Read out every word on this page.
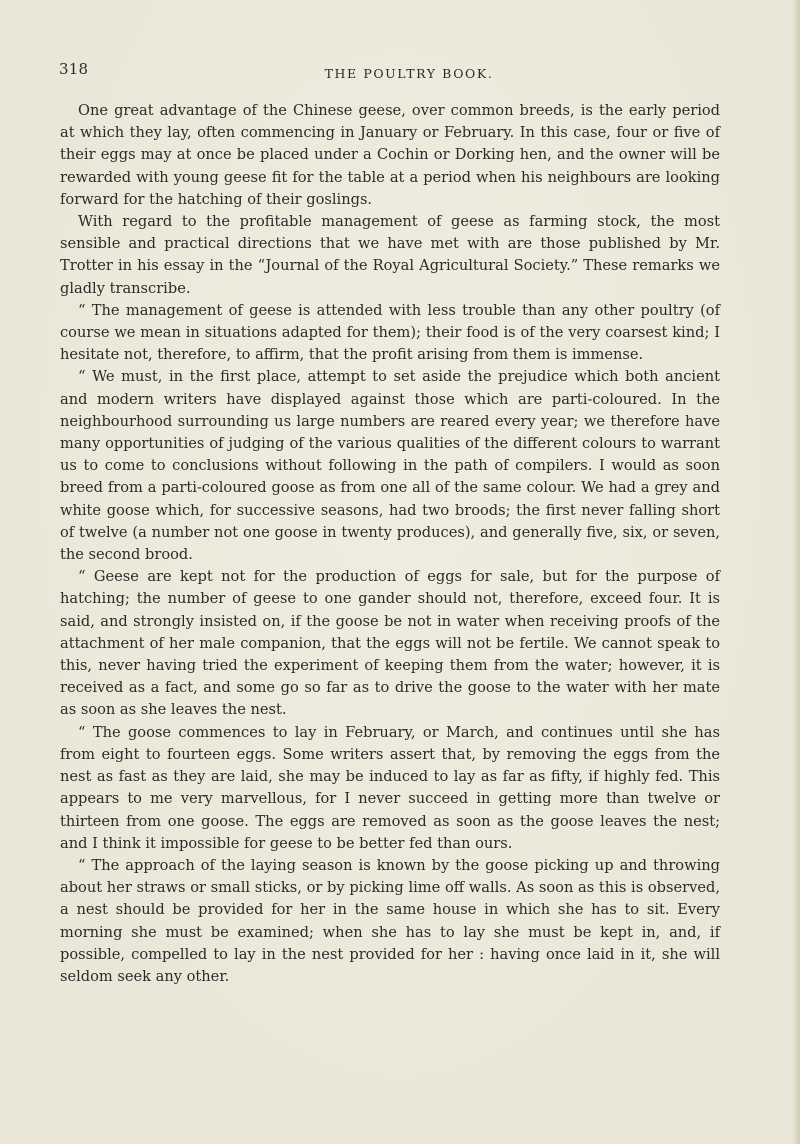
318	THE POULTRY BOOK.

One great advantage of the Chinese geese, over common breeds, is the early period at which they lay, often commencing in January or February. In this case, four or five of their eggs may at once be placed under a Cochin or Dorking hen, and the owner will be rewarded with young geese fit for the table at a period when his neighbours are looking forward for the hatching of their goslings.

With regard to the profitable management of geese as farming stock, the most sensible and practical directions that we have met with are those published by Mr. Trotter in his essay in the “Journal of the Royal Agricultural Society.” These remarks we gladly transcribe.

“ The management of geese is attended with less trouble than any other poultry (of course we mean in situations adapted for them); their food is of the very coarsest kind; I hesitate not, therefore, to affirm, that the profit arising from them is immense.

“ We must, in the first place, attempt to set aside the prejudice which both ancient and modern writers have displayed against those which are parti-coloured. In the neighbourhood surrounding us large numbers are reared every year; we therefore have many opportunities of judging of the various qualities of the different colours to warrant us to come to conclusions without following in the path of compilers. I would as soon breed from a parti-coloured goose as from one all of the same colour. We had a grey and white goose which, for successive seasons, had two broods; the first never falling short of twelve (a number not one goose in twenty produces), and generally five, six, or seven, the second brood.

“ Geese are kept not for the production of eggs for sale, but for the purpose of hatching; the number of geese to one gander should not, therefore, exceed four. It is said, and strongly insisted on, if the goose be not in water when receiving proofs of the attachment of her male companion, that the eggs will not be fertile. We cannot speak to this, never having tried the experiment of keeping them from the water; however, it is received as a fact, and some go so far as to drive the goose to the water with her mate as soon as she leaves the nest.

“ The goose commences to lay in February, or March, and continues until she has from eight to fourteen eggs. Some writers assert that, by removing the eggs from the nest as fast as they are laid, she may be induced to lay as far as fifty, if highly fed. This appears to me very marvellous, for I never succeed in getting more than twelve or thirteen from one goose. The eggs are removed as soon as the goose leaves the nest; and I think it impossible for geese to be better fed than ours.

“ The approach of the laying season is known by the goose picking up and throwing about her straws or small sticks, or by picking lime off walls. As soon as this is observed, a nest should be provided for her in the same house in which she has to sit. Every morning she must be examined; when she has to lay she must be kept in, and, if possible, compelled to lay in the nest provided for her : having once laid in it, she will seldom seek any other.
